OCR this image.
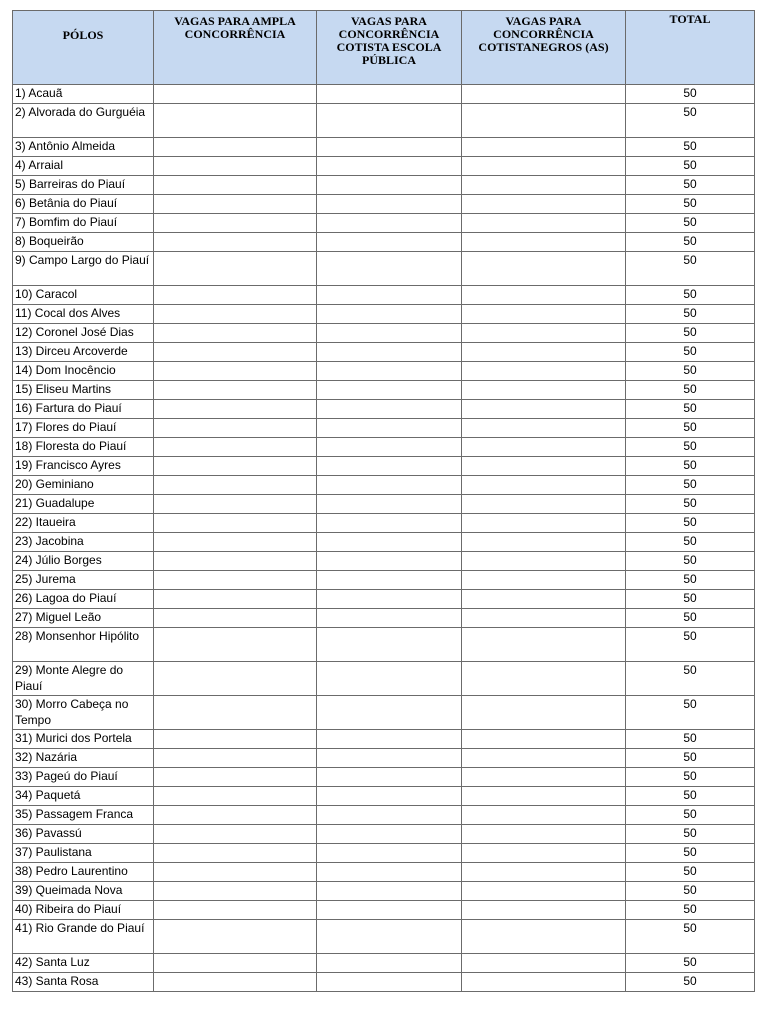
PÓLOS	VAGAS PARA AMPLA CONCORRÊNCIA	VAGAS PARA CONCORRÊNCIA COTISTA ESCOLA PÚBLICA	VAGAS PARA CONCORRÊNCIA COTISTANEGROS (AS)	TOTAL

1) Acauã				50
2) Alvorada do Gurguéia				50
3) Antônio Almeida				50
4) Arraial				50
5) Barreiras do Piauí				50
6) Betânia do Piauí				50
7) Bomfim do Piauí				50
8) Boqueirão				50
9) Campo Largo do Piauí				50
10) Caracol				50
11) Cocal dos Alves				50
12) Coronel José Dias				50
13) Dirceu Arcoverde				50
14) Dom Inocêncio				50
15) Eliseu Martins				50
16) Fartura do Piauí				50
17) Flores do Piauí				50
18) Floresta do Piauí				50
19) Francisco Ayres				50
20) Geminiano				50
21) Guadalupe				50
22) Itaueira				50
23) Jacobina				50
24) Júlio Borges				50
25) Jurema				50
26) Lagoa do Piauí				50
27) Miguel Leão				50
28) Monsenhor Hipólito				50
29) Monte Alegre do Piauí				50
30) Morro Cabeça no Tempo				50
31) Murici dos Portela				50
32) Nazária				50
33) Pageú do Piauí				50
34) Paquetá				50
35) Passagem Franca				50
36) Pavassú				50
37) Paulistana				50
38) Pedro Laurentino				50
39) Queimada Nova				50
40) Ribeira do Piauí				50
41) Rio Grande do Piauí				50
42) Santa Luz				50
43) Santa Rosa				50
